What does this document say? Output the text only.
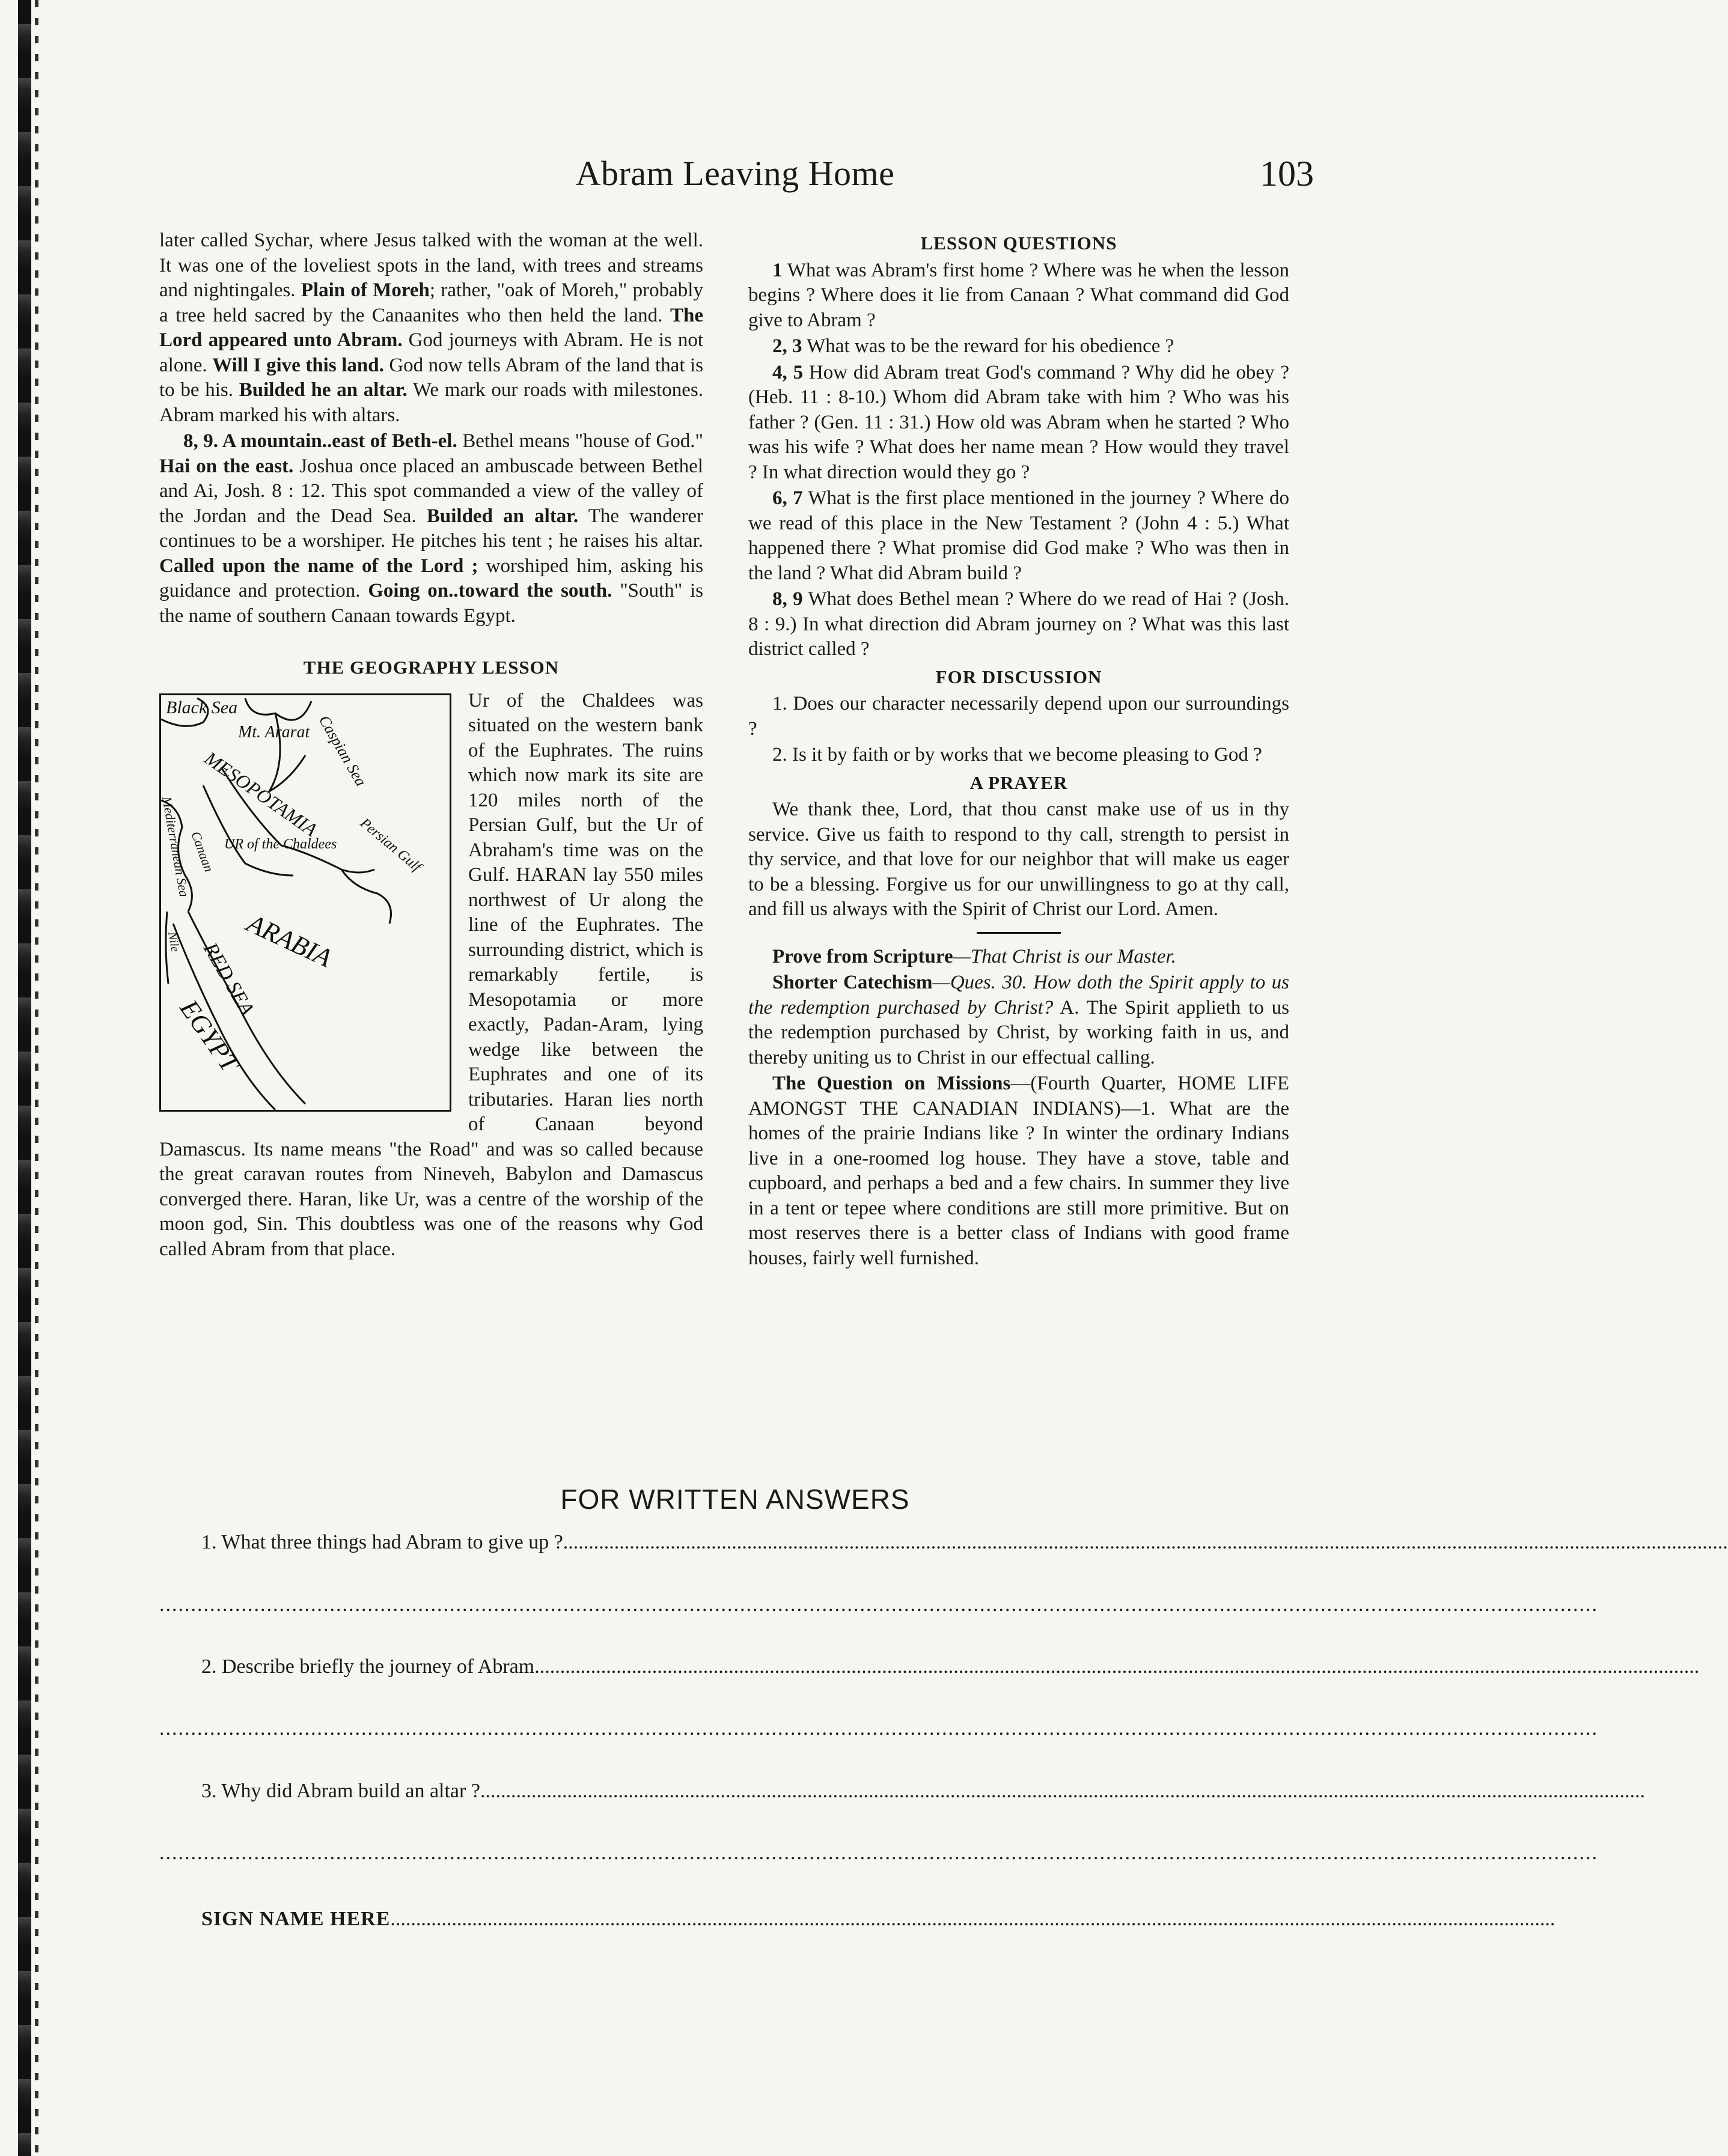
Abram Leaving Home	103

later called Sychar, where Jesus talked with the woman at the well. It was one of the loveliest spots in the land, with trees and streams and nightingales. Plain of Moreh; rather, "oak of Moreh," probably a tree held sacred by the Canaanites who then held the land. The Lord appeared unto Abram. God journeys with Abram. He is not alone. Will I give this land. God now tells Abram of the land that is to be his. Builded he an altar. We mark our roads with milestones. Abram marked his with altars.

8, 9. A mountain..east of Beth-el. Bethel means "house of God." Hai on the east. Joshua once placed an ambuscade between Bethel and Ai, Josh. 8 : 12. This spot commanded a view of the valley of the Jordan and the Dead Sea. Builded an altar. The wanderer continues to be a worshiper. He pitches his tent ; he raises his altar. Called upon the name of the Lord ; worshiped him, asking his guidance and protection. Going on..toward the south. "South" is the name of southern Canaan towards Egypt.

THE GEOGRAPHY LESSON
Black Sea
Mt. Ararat Caspian Sea
MESOPOTAMIA
Mediterranean Sea
Canaan UR of the Chaldees Persian Gulf
ARABIA
RED SEA
Nile
EGYPT

Ur of the Chaldees was situated on the western bank of the Euphrates. The ruins which now mark its site are 120 miles north of the Persian Gulf, but the Ur of Abraham's time was on the Gulf. HARAN lay 550 miles northwest of Ur along the line of the Euphrates. The surrounding district, which is remarkably fertile, is Mesopotamia or more exactly, Padan-Aram, lying wedge like between the Euphrates and one of its tributaries. Haran lies north of Canaan beyond Damascus. Its name means "the Road" and was so called because the great caravan routes from Nineveh, Babylon and Damascus converged there. Haran, like Ur, was a centre of the worship of the moon god, Sin. This doubtless was one of the reasons why God called Abram from that place.

LESSON QUESTIONS

1 What was Abram's first home ? Where was he when the lesson begins ? Where does it lie from Canaan ? What command did God give to Abram ?

2, 3 What was to be the reward for his obedience ?

4, 5 How did Abram treat God's command ? Why did he obey ? (Heb. 11 : 8-10.) Whom did Abram take with him ? Who was his father ? (Gen. 11 : 31.) How old was Abram when he started ? Who was his wife ? What does her name mean ? How would they travel ? In what direction would they go ?

6, 7 What is the first place mentioned in the journey ? Where do we read of this place in the New Testament ? (John 4 : 5.) What happened there ? What promise did God make ? Who was then in the land ? What did Abram build ?

8, 9 What does Bethel mean ? Where do we read of Hai ? (Josh. 8 : 9.) In what direction did Abram journey on ? What was this last district called ?

FOR DISCUSSION

1. Does our character necessarily depend upon our surroundings ?

2. Is it by faith or by works that we become pleasing to God ?

A PRAYER

We thank thee, Lord, that thou canst make use of us in thy service. Give us faith to respond to thy call, strength to persist in thy service, and that love for our neighbor that will make us eager to be a blessing. Forgive us for our unwillingness to go at thy call, and fill us always with the Spirit of Christ our Lord. Amen.

Prove from Scripture—That Christ is our Master.

Shorter Catechism—Ques. 30. How doth the Spirit apply to us the redemption purchased by Christ? A. The Spirit applieth to us the redemption purchased by Christ, by working faith in us, and thereby uniting us to Christ in our effectual calling.

The Question on Missions—(Fourth Quarter, HOME LIFE AMONGST THE CANADIAN INDIANS)—1. What are the homes of the prairie Indians like ? In winter the ordinary Indians live in a one-roomed log house. They have a stove, table and cupboard, and perhaps a bed and a few chairs. In summer they live in a tent or tepee where conditions are still more primitive. But on most reserves there is a better class of Indians with good frame houses, fairly well furnished.

FOR WRITTEN ANSWERS
1. What three things had Abram to give up ?....................................................................................................................................................................................................................................
....................................................................................................................................................................................................................................
2. Describe briefly the journey of Abram....................................................................................................................................................................................................................................
....................................................................................................................................................................................................................................
3. Why did Abram build an altar ?....................................................................................................................................................................................................................................
....................................................................................................................................................................................................................................
SIGN NAME HERE....................................................................................................................................................................................................................................
